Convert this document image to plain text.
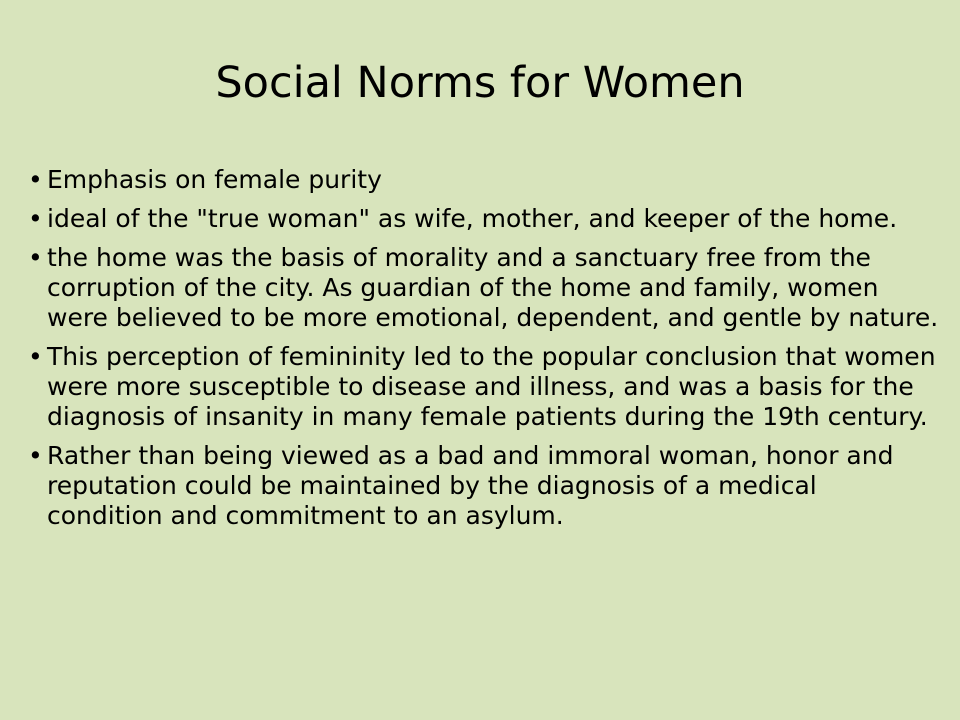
Social Norms for Women
• Emphasis on female purity
• ideal of the "true woman" as wife, mother, and keeper of the home.
• the home was the basis of morality and a sanctuary free from the corruption of the city. As guardian of the home and family, women were believed to be more emotional, dependent, and gentle by nature.
• This perception of femininity led to the popular conclusion that women were more susceptible to disease and illness, and was a basis for the diagnosis of insanity in many female patients during the 19th century.
• Rather than being viewed as a bad and immoral woman, honor and reputation could be maintained by the diagnosis of a medical condition and commitment to an asylum.
